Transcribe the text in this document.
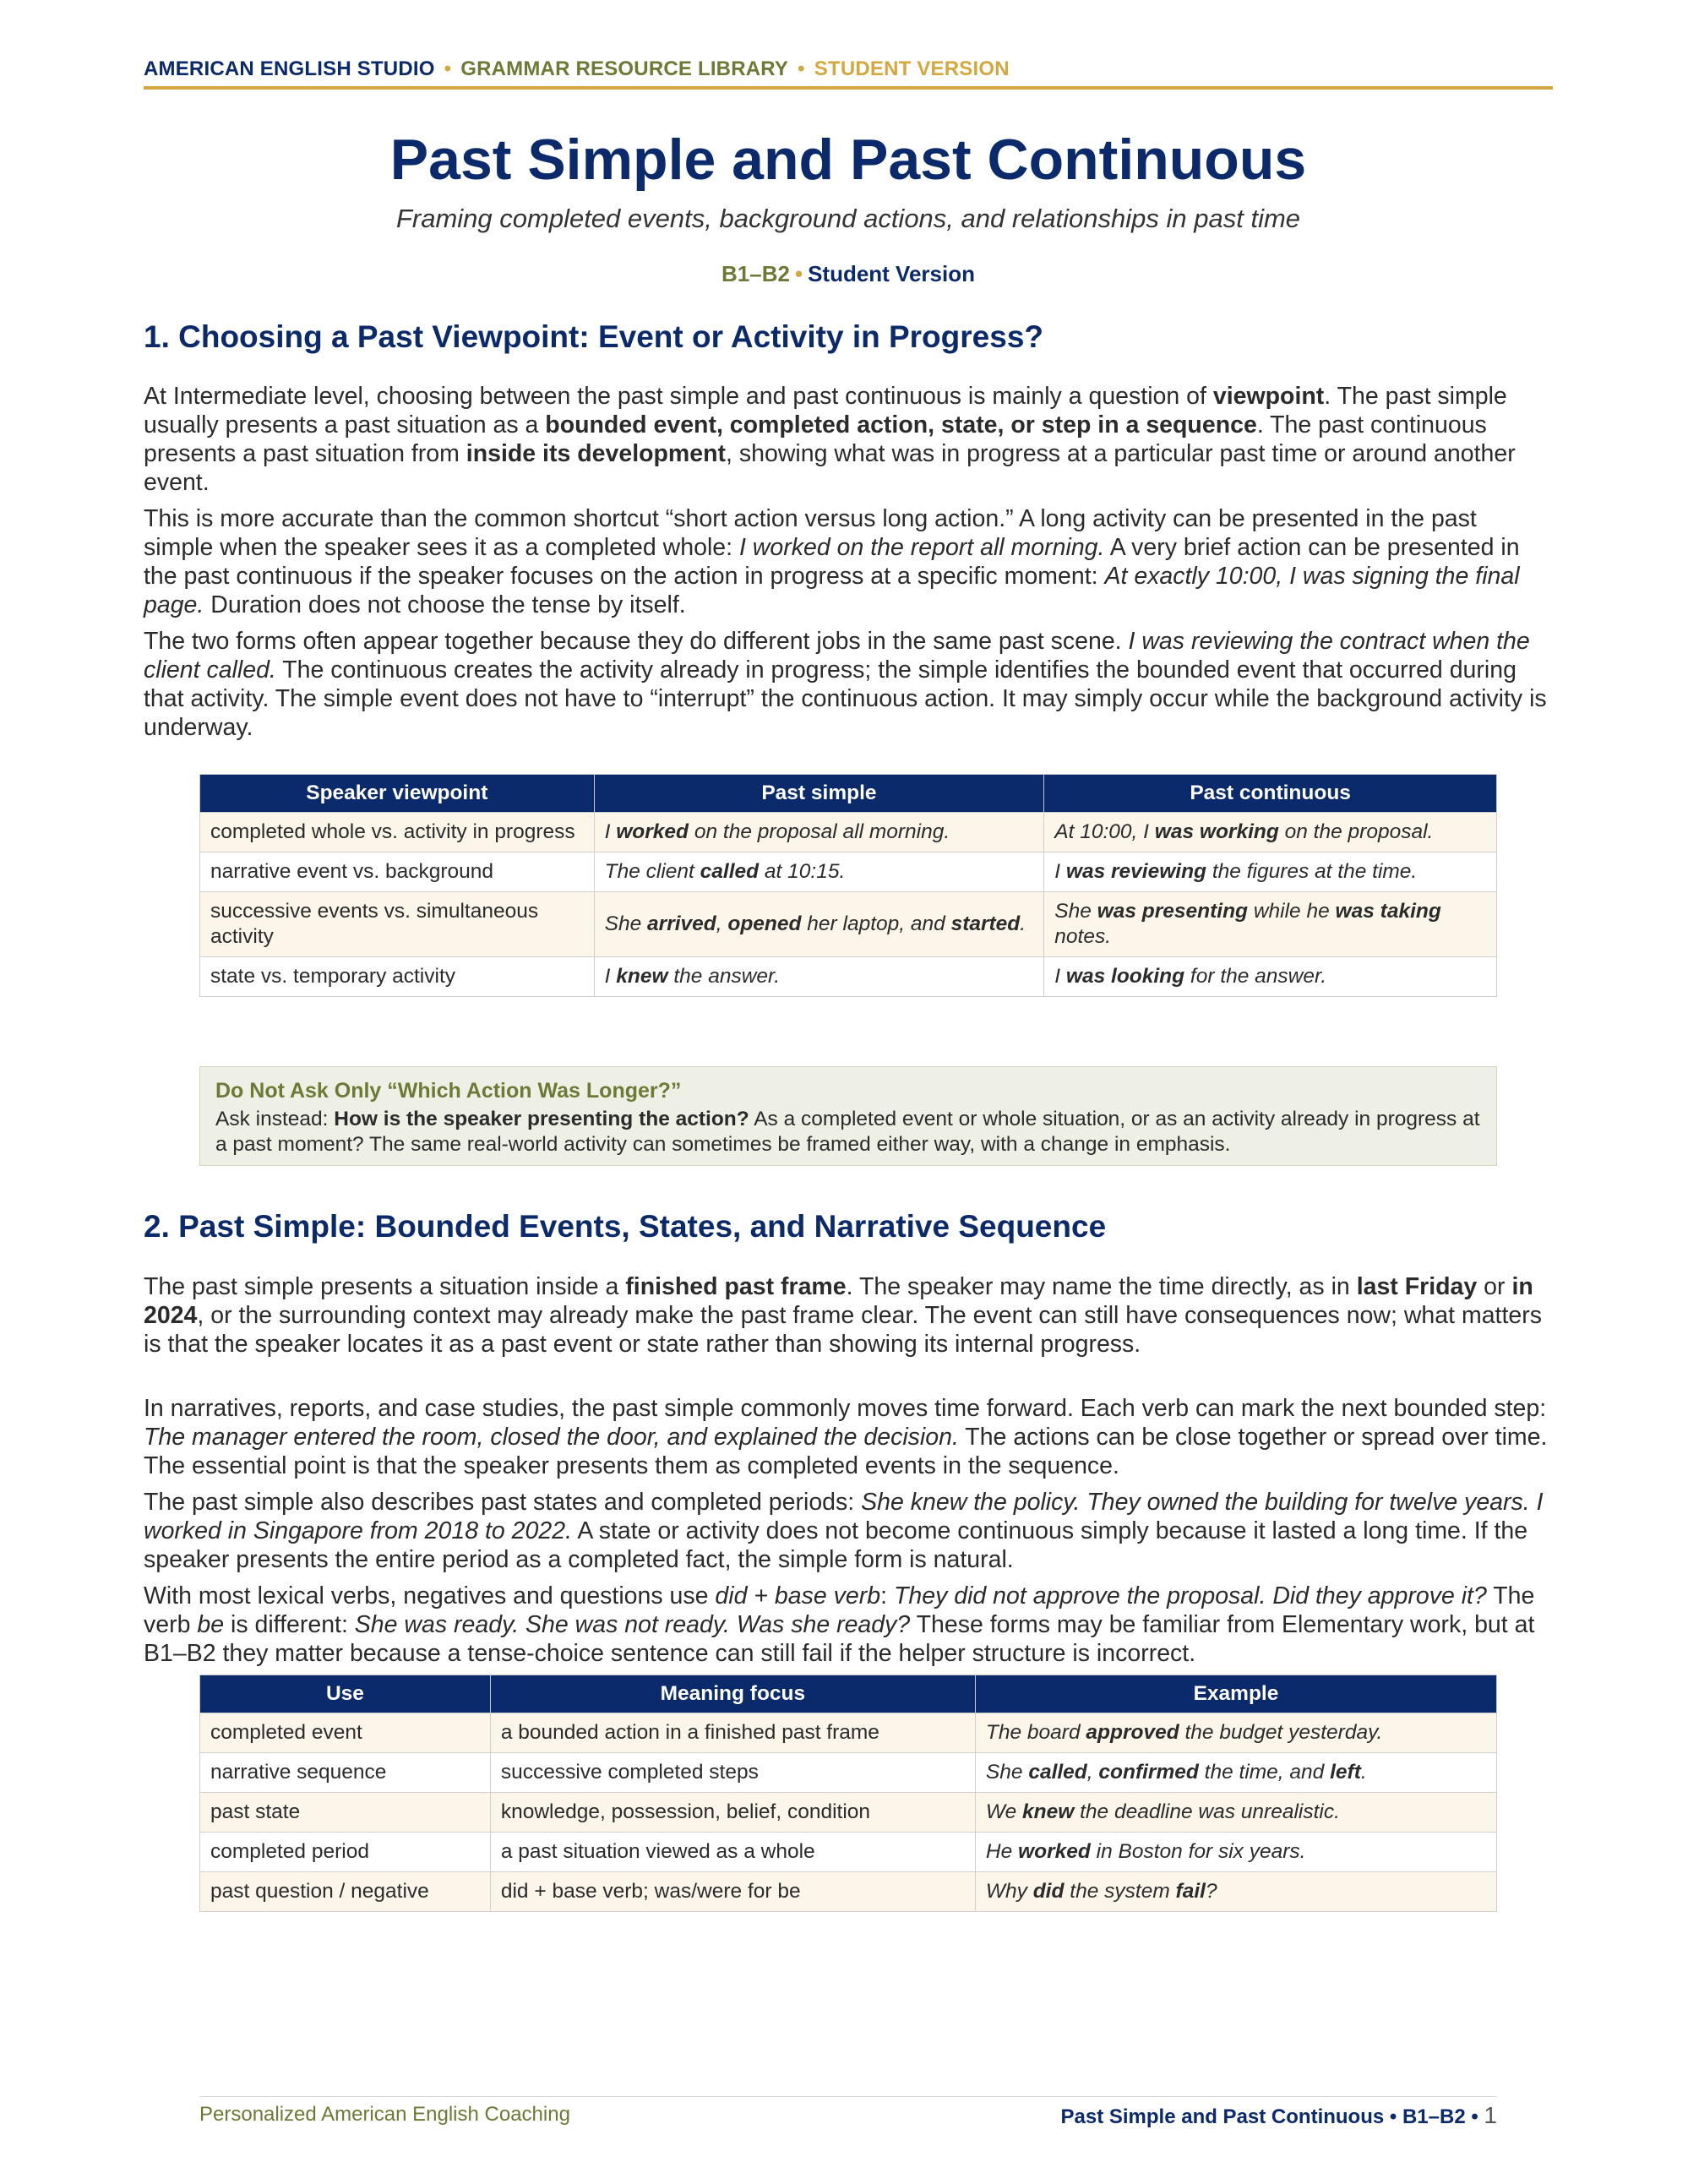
AMERICAN ENGLISH STUDIO • GRAMMAR RESOURCE LIBRARY • STUDENT VERSION
Past Simple and Past Continuous
Framing completed events, background actions, and relationships in past time
B1–B2 • Student Version
1. Choosing a Past Viewpoint: Event or Activity in Progress?

At Intermediate level, choosing between the past simple and past continuous is mainly a question of viewpoint. The past simple usually presents a past situation as a bounded event, completed action, state, or step in a sequence. The past continuous presents a past situation from inside its development, showing what was in progress at a particular past time or around another event.

This is more accurate than the common shortcut “short action versus long action.” A long activity can be presented in the past simple when the speaker sees it as a completed whole: I worked on the report all morning. A very brief action can be presented in the past continuous if the speaker focuses on the action in progress at a specific moment: At exactly 10:00, I was signing the final page. Duration does not choose the tense by itself.

The two forms often appear together because they do different jobs in the same past scene. I was reviewing the contract when the client called. The continuous creates the activity already in progress; the simple identifies the bounded event that occurred during that activity. The simple event does not have to “interrupt” the continuous action. It may simply occur while the background activity is underway.

Speaker viewpoint	Past simple	Past continuous
completed whole vs. activity in progress	I worked on the proposal all morning.	At 10:00, I was working on the proposal.
narrative event vs. background	The client called at 10:15.	I was reviewing the figures at the time.
successive events vs. simultaneous activity	She arrived, opened her laptop, and started.	She was presenting while he was taking notes.
state vs. temporary activity	I knew the answer.	I was looking for the answer.

Do Not Ask Only “Which Action Was Longer?”

Ask instead: How is the speaker presenting the action? As a completed event or whole situation, or as an activity already in progress at a past moment? The same real-world activity can sometimes be framed either way, with a change in emphasis.

2. Past Simple: Bounded Events, States, and Narrative Sequence

The past simple presents a situation inside a finished past frame. The speaker may name the time directly, as in last Friday or in 2024, or the surrounding context may already make the past frame clear. The event can still have consequences now; what matters is that the speaker locates it as a past event or state rather than showing its internal progress.

In narratives, reports, and case studies, the past simple commonly moves time forward. Each verb can mark the next bounded step: The manager entered the room, closed the door, and explained the decision. The actions can be close together or spread over time. The essential point is that the speaker presents them as completed events in the sequence.

The past simple also describes past states and completed periods: She knew the policy. They owned the building for twelve years. I worked in Singapore from 2018 to 2022. A state or activity does not become continuous simply because it lasted a long time. If the speaker presents the entire period as a completed fact, the simple form is natural.

With most lexical verbs, negatives and questions use did + base verb: They did not approve the proposal. Did they approve it? The verb be is different: She was ready. She was not ready. Was she ready? These forms may be familiar from Elementary work, but at B1–B2 they matter because a tense-choice sentence can still fail if the helper structure is incorrect.

Use	Meaning focus	Example
completed event	a bounded action in a finished past frame	The board approved the budget yesterday.
narrative sequence	successive completed steps	She called, confirmed the time, and left.
past state	knowledge, possession, belief, condition	We knew the deadline was unrealistic.
completed period	a past situation viewed as a whole	He worked in Boston for six years.
past question / negative	did + base verb; was/were for be	Why did the system fail?
Personalized American English Coaching	Past Simple and Past Continuous • B1–B2 • 1
